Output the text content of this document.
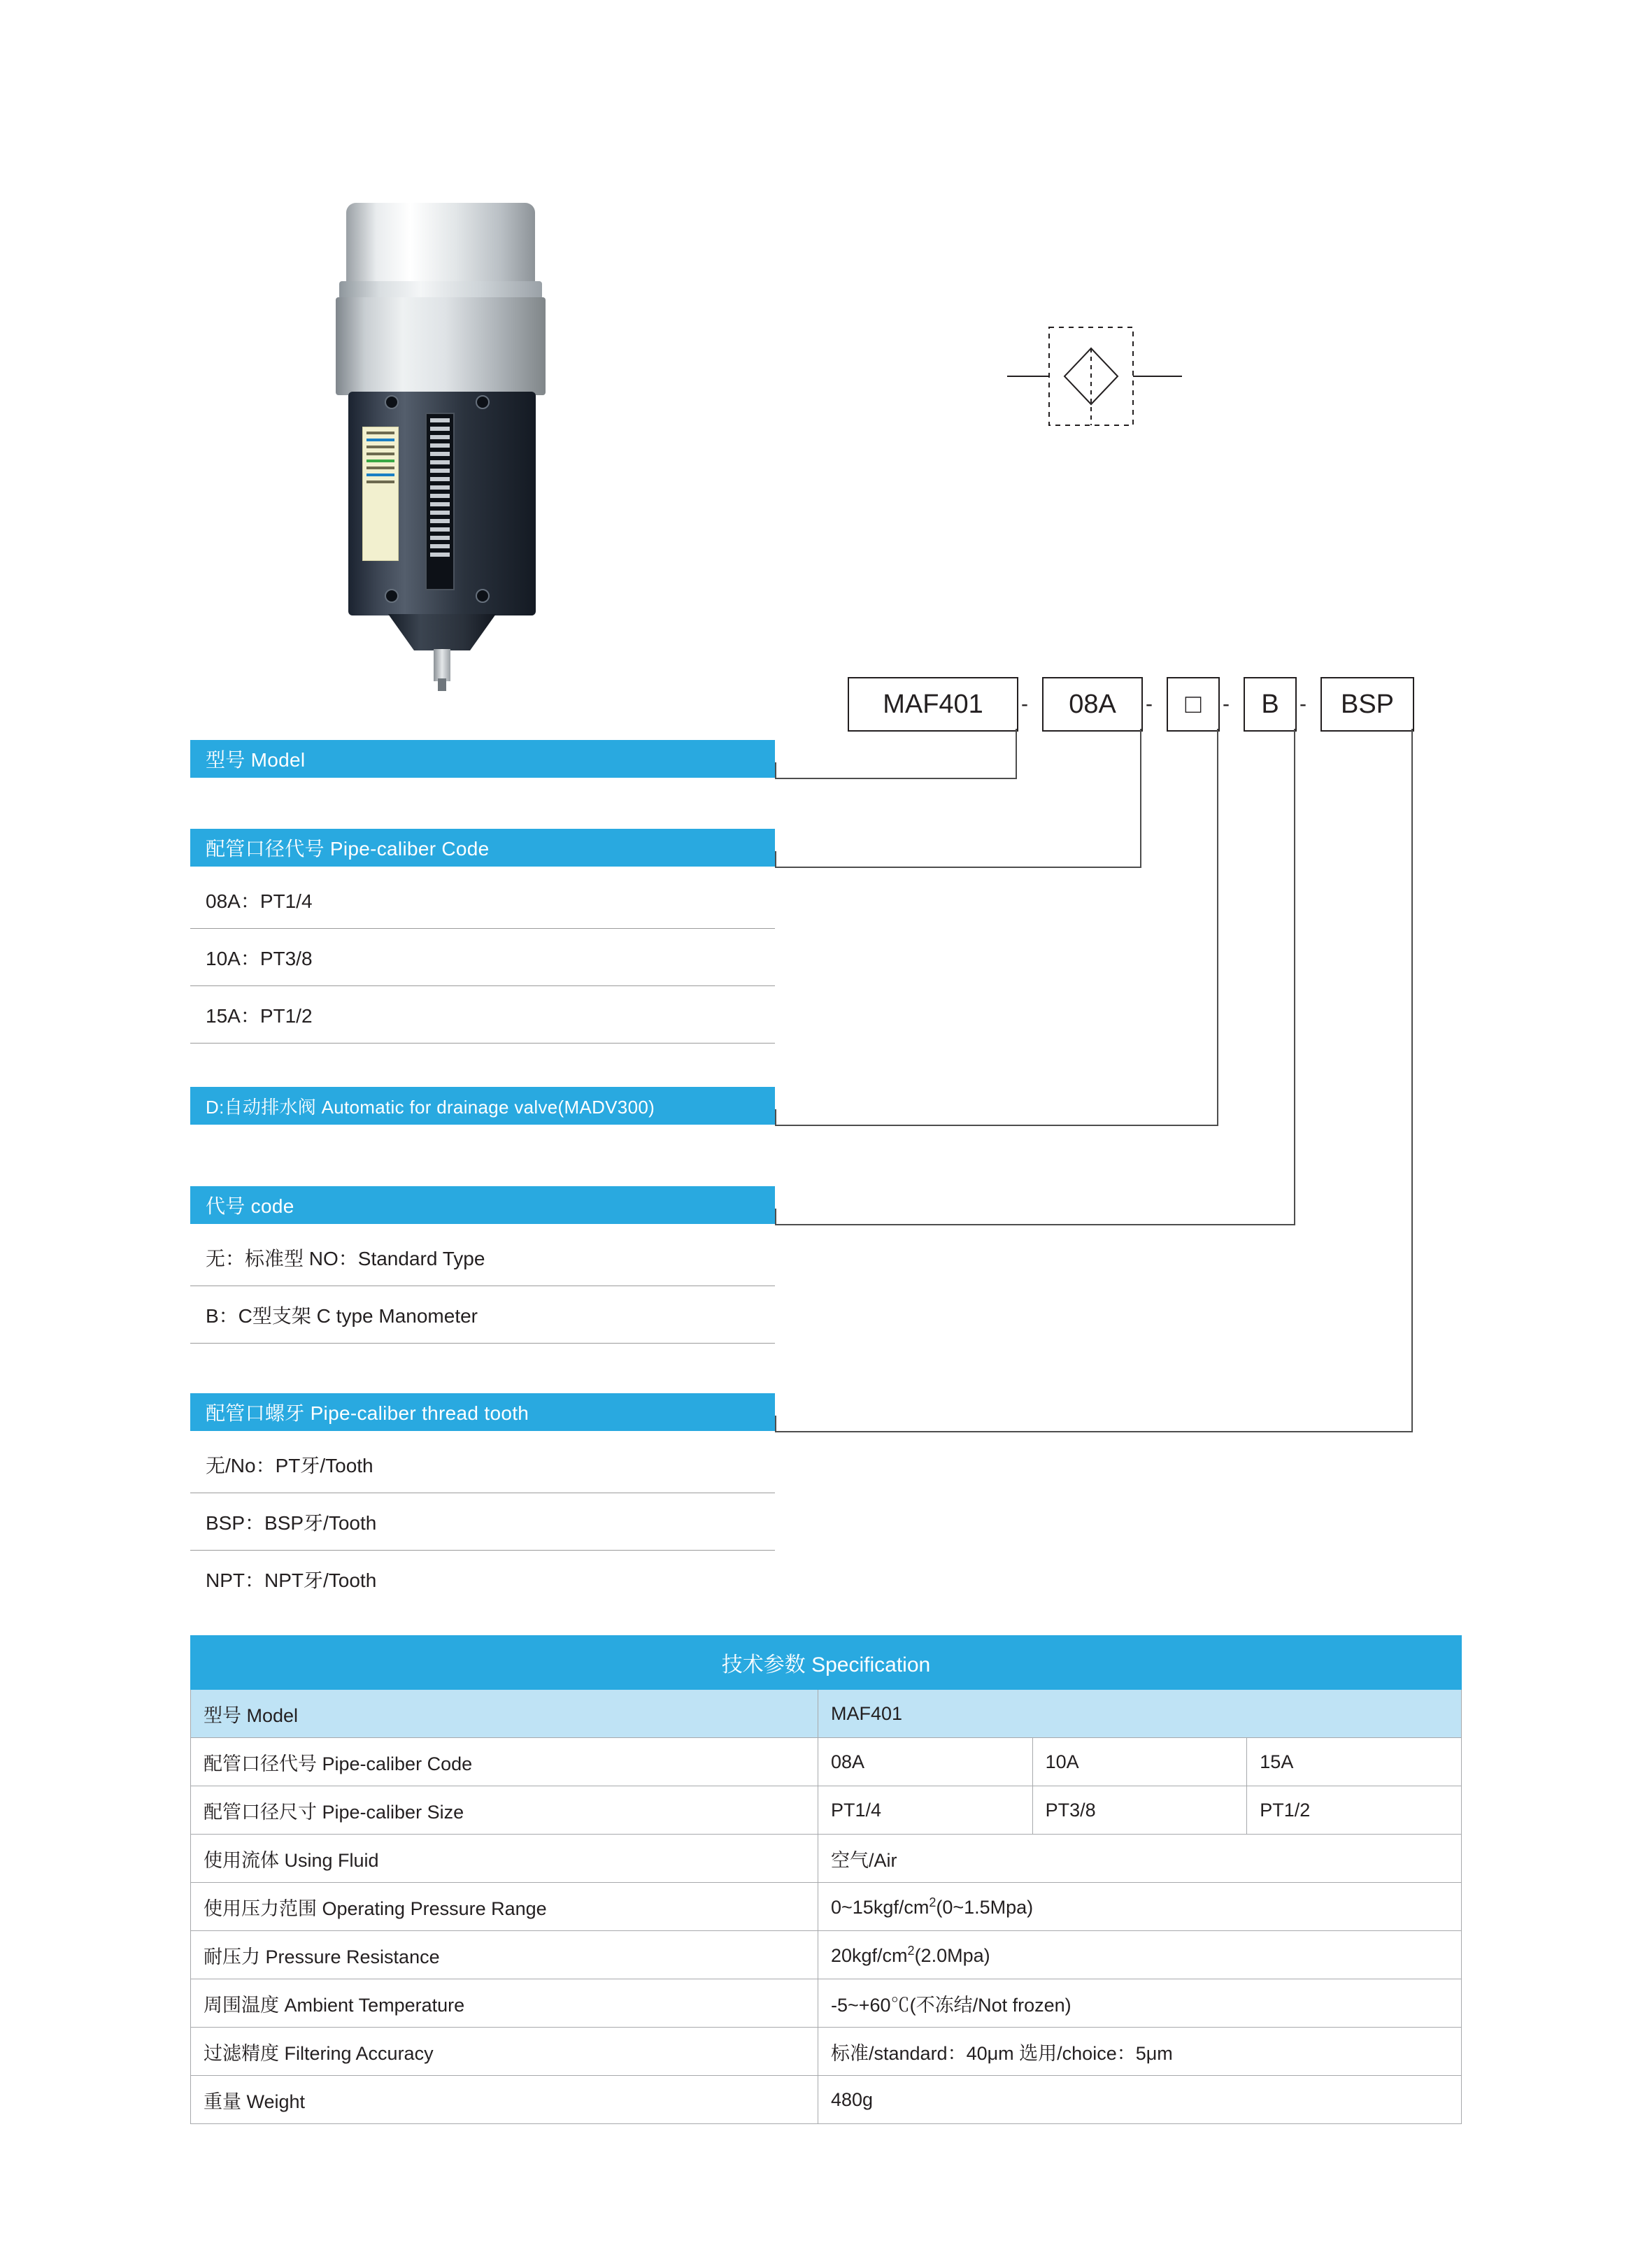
MAF401	-	08A	-	□	-	B -	BSP
型号 Model
配管口径代号 Pipe-caliber Code
08A：PT1/4
10A：PT3/8
15A：PT1/2
D:自动排水阀 Automatic for drainage valve(MADV300)
代号 code
无：标准型 NO：Standard Type
B：C型支架 C type Manometer
配管口螺牙 Pipe-caliber thread tooth
无/No：PT牙/Tooth
BSP：BSP牙/Tooth
NPT：NPT牙/Tooth
技术参数 Specification			
型号 Model	MAF401		
配管口径代号 Pipe-caliber Code	08A	10A	15A
配管口径尺寸 Pipe-caliber Size	PT1/4	PT3/8	PT1/2
使用流体 Using Fluid	空气/Air		
使用压力范围 Operating Pressure Range	$0\sim 15kgf/cm^2(0\sim 1.5Mpa)$		
耐压力 Pressure Resistance	$20kgf/cm^2(2.0Mpa)$		
周围温度 Ambient Temperature	-5~+60℃(不冻结/Not frozen)		
过滤精度 Filtering Accuracy	标准/standard：40μm 选用/choice：5μm		
重量 Weight	480g		
